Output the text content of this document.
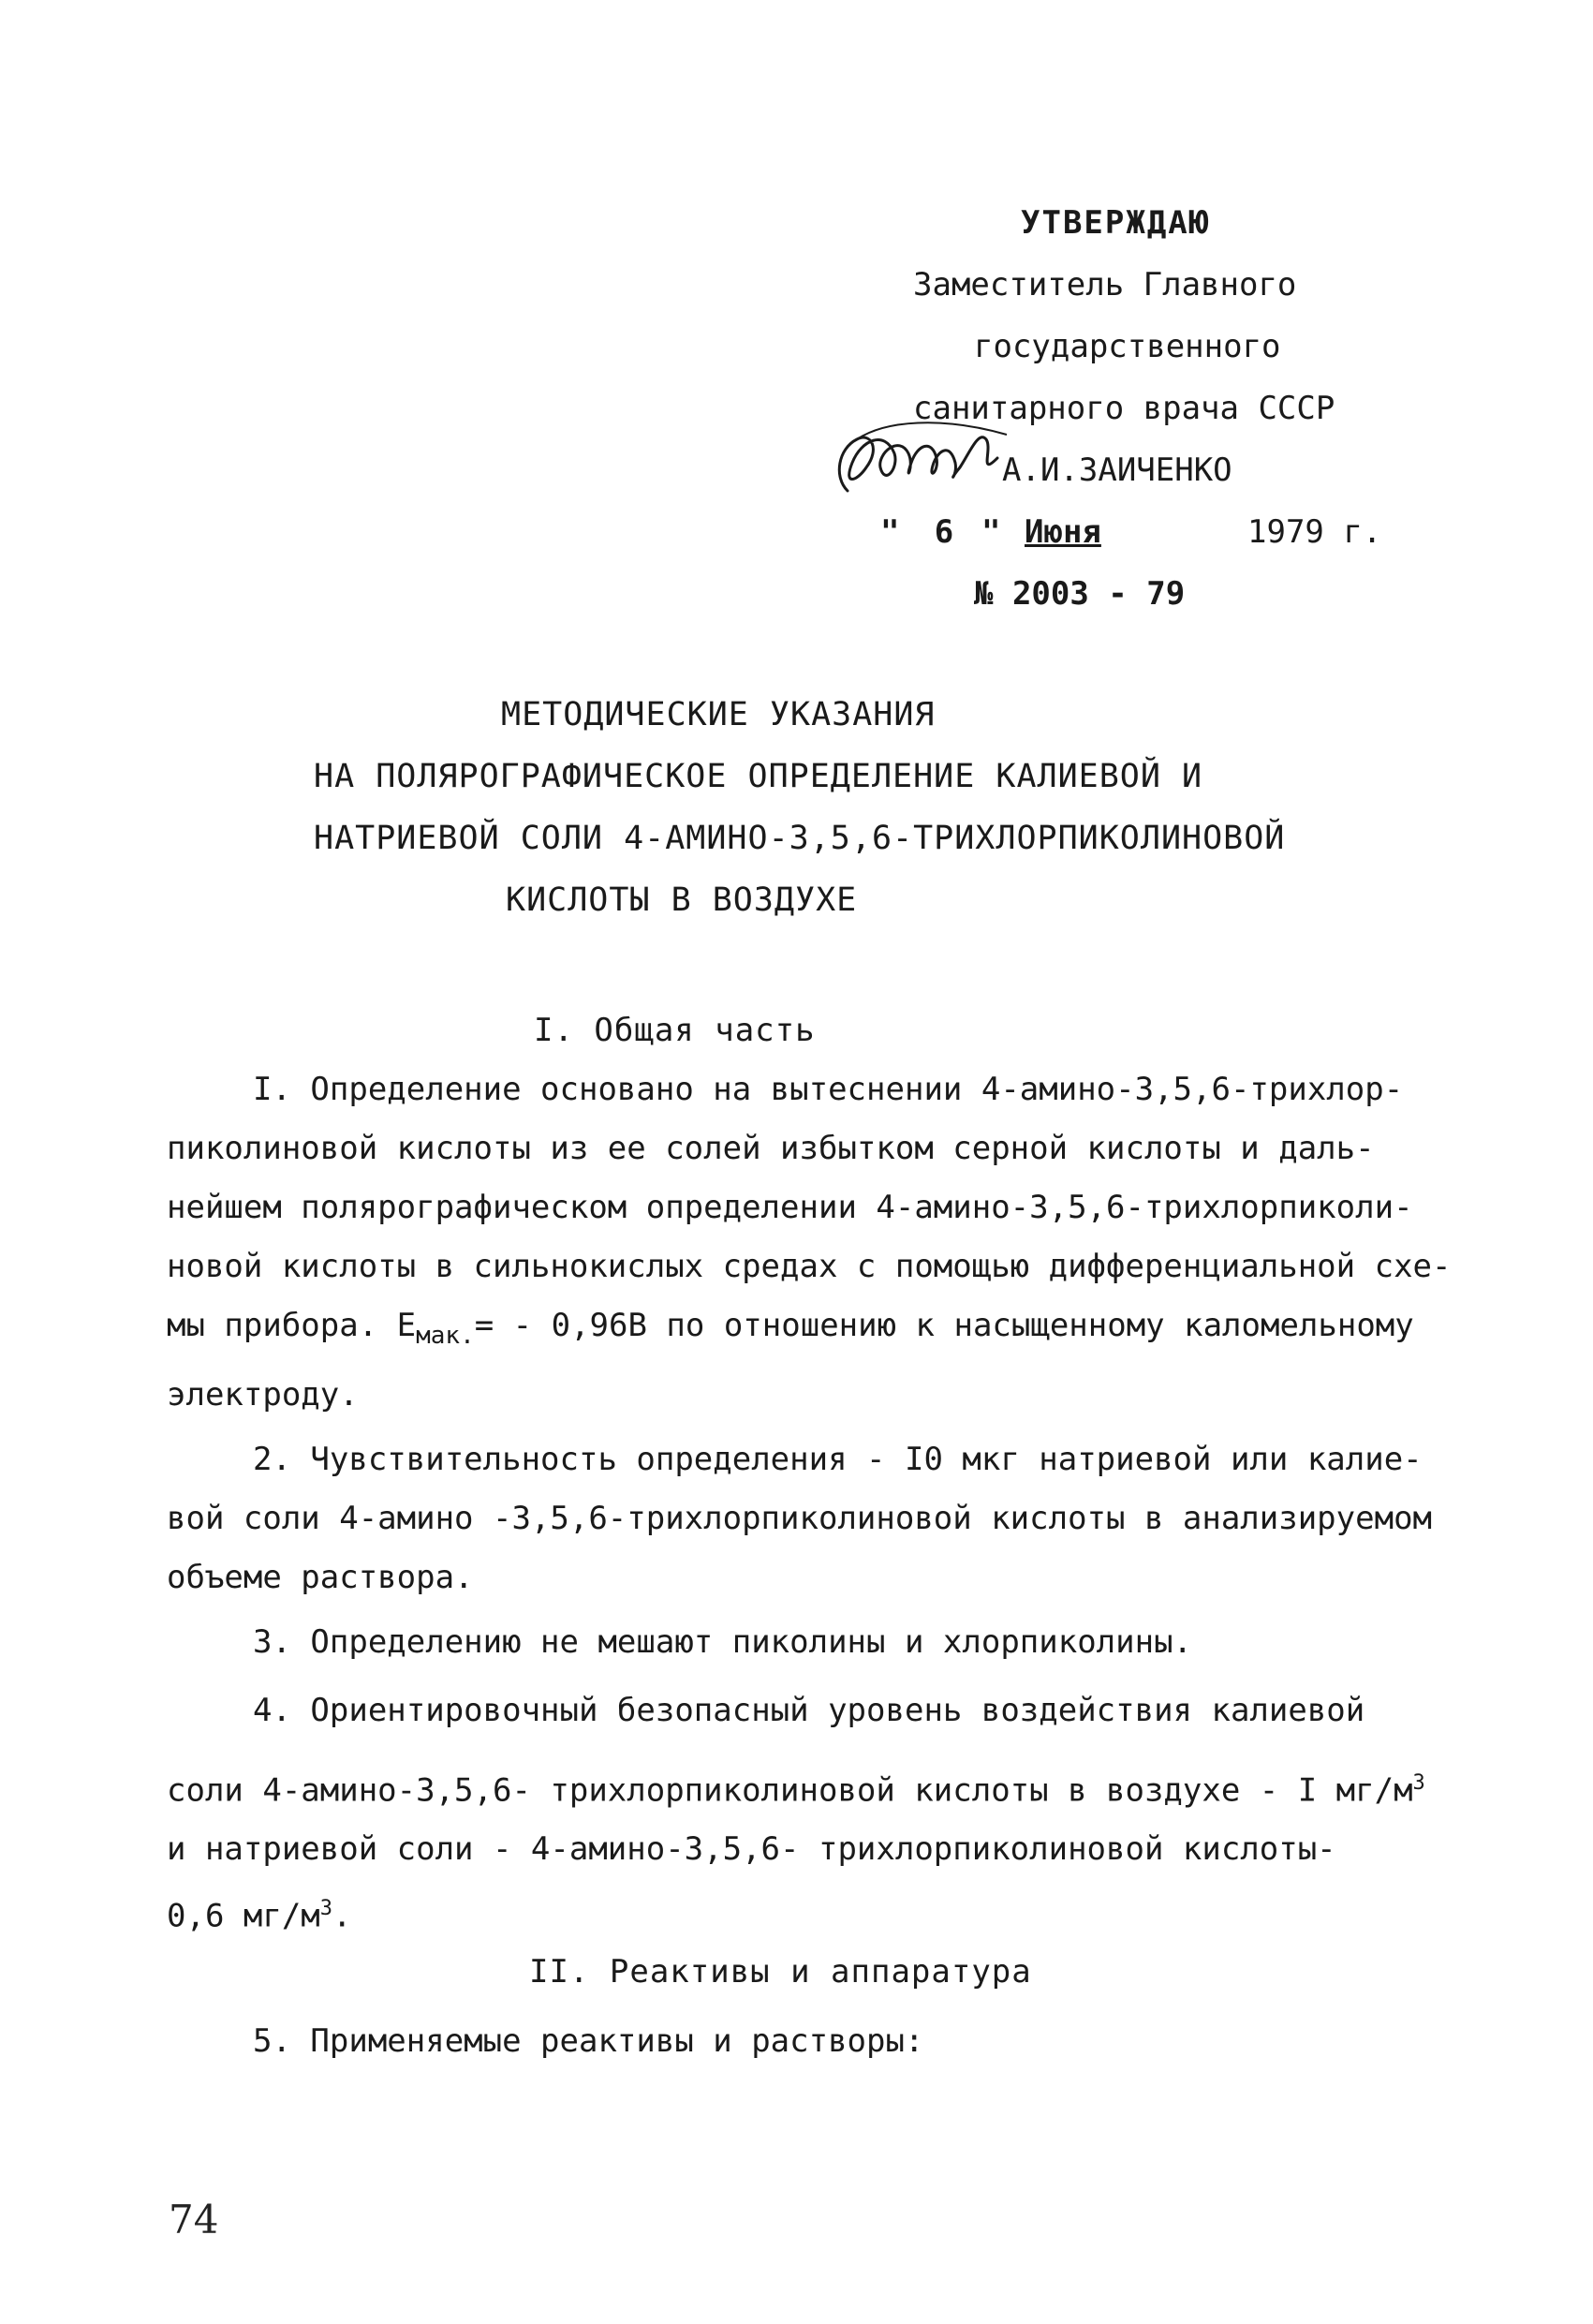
УТВЕРЖДАЮ
Заместитель Главного
государственного
санитарного врача СССР
А.И.ЗАИЧЕНКО
" 6 " Июня	1979 г.
№ 2003 - 79
МЕТОДИЧЕСКИЕ УКАЗАНИЯ
НА ПОЛЯРОГРАФИЧЕСКОЕ ОПРЕДЕЛЕНИЕ КАЛИЕВОЙ И
НАТРИЕВОЙ СОЛИ 4-АМИНО-3,5,6-ТРИХЛОРПИКОЛИНОВОЙ
КИСЛОТЫ В ВОЗДУХЕ
I. Общая часть
I. Определение основано на вытеснении 4-амино-3,5,6-трихлор-
пиколиновой кислоты из ее солей избытком серной кислоты и даль-
нейшем полярографическом определении 4-амино-3,5,6-трихлорпиколи-
новой кислоты в сильнокислых средах с помощью дифференциальной схе-
мы прибора. $E_{мак.}= - 0,96В$ по отношению к насыщенному каломельному
электроду.
2. Чувствительность определения - I0 мкг натриевой или калие-
вой соли 4-амино -3,5,6-трихлорпиколиновой кислоты в анализируемом
объеме раствора.
3. Определению не мешают пиколины и хлорпиколины.
4. Ориентировочный безопасный уровень воздействия калиевой
соли 4-амино-3,5,6- трихлорпиколиновой кислоты в воздухе - I $мг/м^3$
и натриевой соли - 4-амино-3,5,6- трихлорпиколиновой кислоты-
0,6 $мг/м^3$.
II. Реактивы и аппаратура
5. Применяемые реактивы и растворы:
74
